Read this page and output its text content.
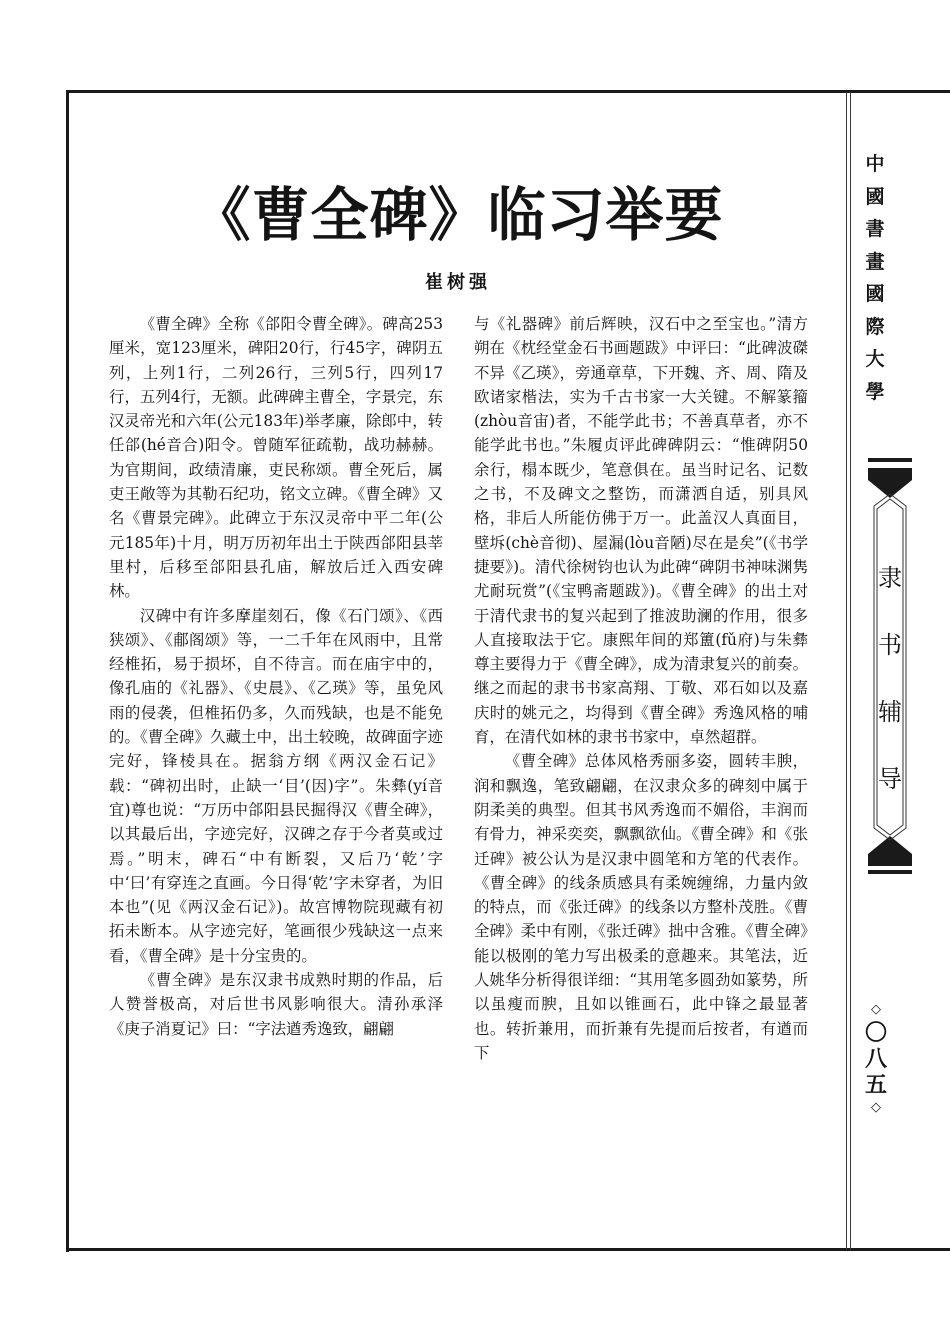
《曹全碑》临习举要
崔树强

《曹全碑》全称《郃阳令曹全碑》。碑高253厘米，宽123厘米，碑阳20行，行45字，碑阴五列，上列1行，二列26行，三列5行，四列17行，五列4行，无额。此碑碑主曹全，字景完，东汉灵帝光和六年(公元183年)举孝廉，除郎中，转任郃(hé音合)阳令。曾随军征疏勒，战功赫赫。为官期间，政绩清廉，吏民称颂。曹全死后，属吏王敞等为其勒石纪功，铭文立碑。《曹全碑》又名《曹景完碑》。此碑立于东汉灵帝中平二年(公元185年)十月，明万历初年出土于陕西郃阳县莘里村，后移至郃阳县孔庙，解放后迁入西安碑林。

汉碑中有许多摩崖刻石，像《石门颂》、《西狭颂》、《郙阁颂》等，一二千年在风雨中，且常经椎拓，易于损坏，自不待言。而在庙宇中的，像孔庙的《礼器》、《史晨》、《乙瑛》等，虽免风雨的侵袭，但椎拓仍多，久而残缺，也是不能免的。《曹全碑》久藏土中，出土较晚，故碑面字迹完好，锋棱具在。据翁方纲《两汉金石记》载：“碑初出时，止缺一‘目’(因)字”。朱彝(yí音宜)尊也说：“万历中郃阳县民掘得汉《曹全碑》，以其最后出，字迹完好，汉碑之存于今者莫或过焉。”明末，碑石“中有断裂，又后乃‘乾’字中‘曰’有穿连之直画。今日得‘乾’字未穿者，为旧本也”(见《两汉金石记》)。故宫博物院现藏有初拓未断本。从字迹完好，笔画很少残缺这一点来看，《曹全碑》是十分宝贵的。

《曹全碑》是东汉隶书成熟时期的作品，后人赞誉极高，对后世书风影响很大。清孙承泽《庚子消夏记》曰：“字法遒秀逸致，翩翩

与《礼器碑》前后辉映，汉石中之至宝也。”清方朔在《枕经堂金石书画题跋》中评曰：“此碑波磔不异《乙瑛》，旁通章草，下开魏、齐、周、隋及欧诸家楷法，实为千古书家一大关键。不解篆籀(zhòu音宙)者，不能学此书；不善真草者，亦不能学此书也。”朱履贞评此碑碑阴云：“惟碑阴50余行，榻本既少，笔意俱在。虽当时记名、记数之书，不及碑文之整饬，而潇洒自适，别具风格，非后人所能仿佛于万一。此盖汉人真面目，壁坼(chè音彻)、屋漏(lòu音陋)尽在是矣”(《书学捷要》)。清代徐树钧也认为此碑“碑阴书神味渊隽尤耐玩赏”(《宝鸭斋题跋》)。《曹全碑》的出土对于清代隶书的复兴起到了推波助澜的作用，很多人直接取法于它。康熙年间的郑簠(fǔ府)与朱彝尊主要得力于《曹全碑》，成为清隶复兴的前奏。继之而起的隶书书家高翔、丁敬、邓石如以及嘉庆时的姚元之，均得到《曹全碑》秀逸风格的哺育，在清代如林的隶书书家中，卓然超群。

《曹全碑》总体风格秀丽多姿，圆转丰腴，润和飘逸，笔致翩翩，在汉隶众多的碑刻中属于阴柔美的典型。但其书风秀逸而不媚俗，丰润而有骨力，神采奕奕，飘飘欲仙。《曹全碑》和《张迁碑》被公认为是汉隶中圆笔和方笔的代表作。《曹全碑》的线条质感具有柔婉缠绵，力量内敛的特点，而《张迁碑》的线条以方整朴茂胜。《曹全碑》柔中有刚，《张迁碑》拙中含雅。《曹全碑》能以极刚的笔力写出极柔的意趣来。其笔法，近人姚华分析得很详细：“其用笔多圆劲如篆势，所以虽瘦而腴，且如以锥画石，此中锋之最显著也。转折兼用，而折兼有先提而后按者，有遒而下

中
國
書
畫
國
際
大
學
隶
书
辅
导
◇
〇
八
五
◇
